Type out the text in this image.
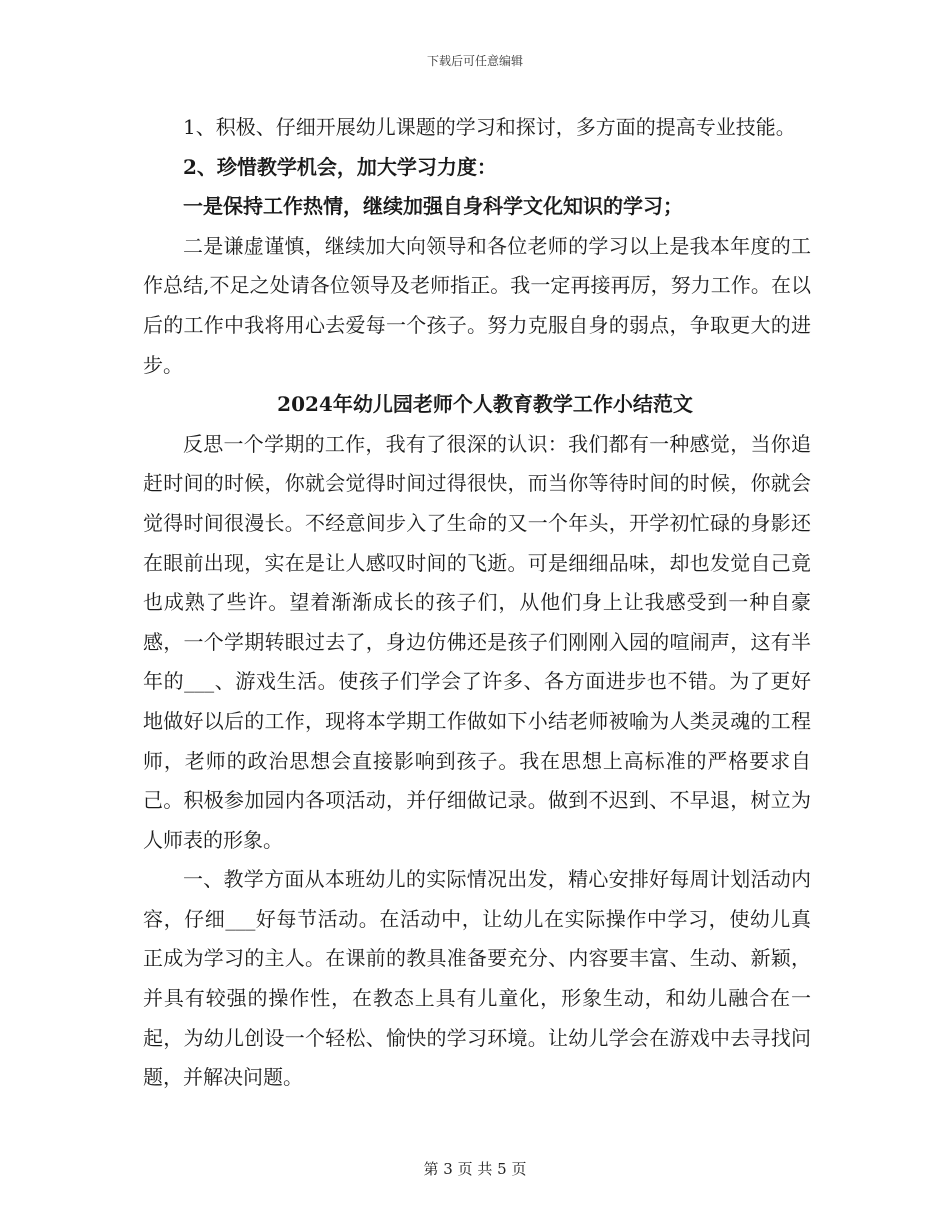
下载后可任意编辑

1、积极、仔细开展幼儿课题的学习和探讨，多方面的提高专业技能。

2、珍惜教学机会，加大学习力度：

一是保持工作热情，继续加强自身科学文化知识的学习；

二是谦虚谨慎，继续加大向领导和各位老师的学习以上是我本年度的工作总结,不足之处请各位领导及老师指正。我一定再接再厉，努力工作。在以后的工作中我将用心去爱每一个孩子。努力克服自身的弱点，争取更大的进步。

2024年幼儿园老师个人教育教学工作小结范文

反思一个学期的工作，我有了很深的认识：我们都有一种感觉，当你追赶时间的时候，你就会觉得时间过得很快，而当你等待时间的时候，你就会觉得时间很漫长。不经意间步入了生命的又一个年头，开学初忙碌的身影还在眼前出现，实在是让人感叹时间的飞逝。可是细细品味，却也发觉自己竟也成熟了些许。望着渐渐成长的孩子们，从他们身上让我感受到一种自豪感，一个学期转眼过去了，身边仿佛还是孩子们刚刚入园的喧闹声，这有半年的___、游戏生活。使孩子们学会了许多、各方面进步也不错。为了更好地做好以后的工作，现将本学期工作做如下小结老师被喻为人类灵魂的工程师，老师的政治思想会直接影响到孩子。我在思想上高标准的严格要求自己。积极参加园内各项活动，并仔细做记录。做到不迟到、不早退，树立为人师表的形象。

一、教学方面从本班幼儿的实际情况出发，精心安排好每周计划活动内容，仔细___好每节活动。在活动中，让幼儿在实际操作中学习，使幼儿真正成为学习的主人。在课前的教具准备要充分、内容要丰富、生动、新颖，并具有较强的操作性，在教态上具有儿童化，形象生动，和幼儿融合在一起，为幼儿创设一个轻松、愉快的学习环境。让幼儿学会在游戏中去寻找问题，并解决问题。

第 3 页 共 5 页
